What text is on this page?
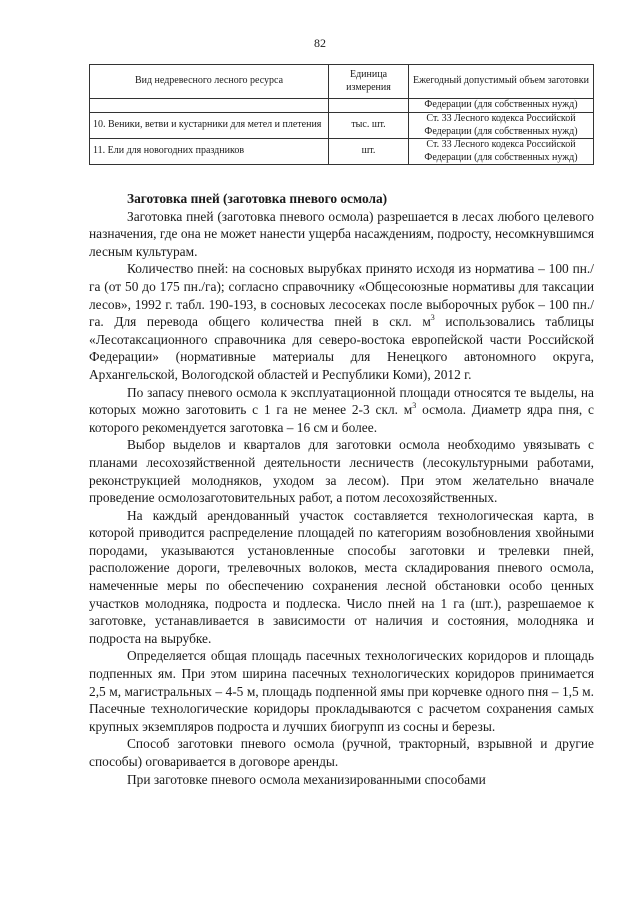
82
Вид недревесного лесного ресурса	Единица измерения	Ежегодный допустимый объем заготовки
		Федерации (для собственных нужд)
10. Веники, ветви и кустарники для метел и плетения	тыс. шт.	Ст. 33 Лесного кодекса Российской Федерации (для собственных нужд)
11. Ели для новогодних праздников	шт.	Ст. 33 Лесного кодекса Российской Федерации (для собственных нужд)

Заготовка пней (заготовка пневого осмола)

Заготовка пней (заготовка пневого осмола) разрешается в лесах любого целевого назначения, где она не может нанести ущерба насаждениям, подросту, несомкнувшимся лесным культурам.

Количество пней: на сосновых вырубках принято исходя из норматива – 100 пн./га (от 50 до 175 пн./га); согласно справочнику «Общесоюзные нормативы для таксации лесов», 1992 г. табл. 190-193, в сосновых лесосеках после выборочных рубок – 100 пн./га. Для перевода общего количества пней в скл. $м^3$ использовались таблицы «Лесотаксационного справочника для северо-востока европейской части Российской Федерации» (нормативные материалы для Ненецкого автономного округа, Архангельской, Вологодской областей и Республики Коми), 2012 г.

По запасу пневого осмола к эксплуатационной площади относятся те выделы, на которых можно заготовить с 1 га не менее 2-3 скл. $м^3$ осмола. Диаметр ядра пня, с которого рекомендуется заготовка – 16 см и более.

Выбор выделов и кварталов для заготовки осмола необходимо увязывать с планами лесохозяйственной деятельности лесничеств (лесокультурными работами, реконструкцией молодняков, уходом за лесом). При этом желательно вначале проведение осмолозаготовительных работ, а потом лесохозяйственных.

На каждый арендованный участок составляется технологическая карта, в которой приводится распределение площадей по категориям возобновления хвойными породами, указываются установленные способы заготовки и трелевки пней, расположение дороги, трелевочных волоков, места складирования пневого осмола, намеченные меры по обеспечению сохранения лесной обстановки особо ценных участков молодняка, подроста и подлеска. Число пней на 1 га (шт.), разрешаемое к заготовке, устанавливается в зависимости от наличия и состояния, молодняка и подроста на вырубке.

Определяется общая площадь пасечных технологических коридоров и площадь подпенных ям. При этом ширина пасечных технологических коридоров принимается 2,5 м, магистральных – 4-5 м, площадь подпенной ямы при корчевке одного пня – 1,5 м. Пасечные технологические коридоры прокладываются с расчетом сохранения самых крупных экземпляров подроста и лучших биогрупп из сосны и березы.

Способ заготовки пневого осмола (ручной, тракторный, взрывной и другие способы) оговаривается в договоре аренды.

При заготовке пневого осмола механизированными способами
